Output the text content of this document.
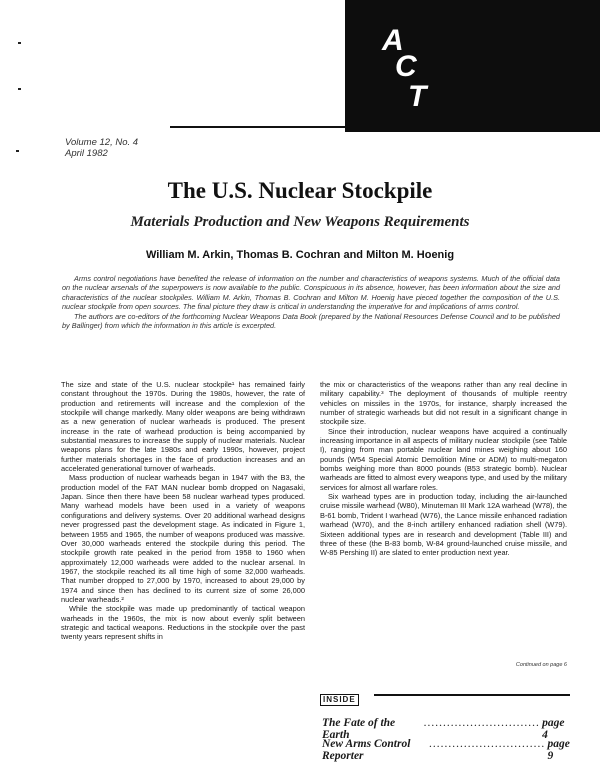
A
C
T
Volume 12, No. 4
April 1982
The U.S. Nuclear Stockpile
Materials Production and New Weapons Requirements
William M. Arkin, Thomas B. Cochran and Milton M. Hoenig

Arms control negotiations have benefited the release of information on the number and characteristics of weapons systems. Much of the official data on the nuclear arsenals of the superpowers is now available to the public. Conspicuous in its absence, however, has been information about the size and characteristics of the nuclear stockpiles. William M. Arkin, Thomas B. Cochran and Milton M. Hoenig have pieced together the composition of the U.S. nuclear stockpile from open sources. The final picture they draw is critical in understanding the imperative for and implications of arms control.

The authors are co-editors of the forthcoming Nuclear Weapons Data Book (prepared by the National Resources Defense Council and to be published by Ballinger) from which the information in this article is excerpted.

The size and state of the U.S. nuclear stockpile¹ has remained fairly constant throughout the 1970s. During the 1980s, however, the rate of production and retirements will increase and the complexion of the stockpile will change markedly. Many older weapons are being withdrawn as a new generation of nuclear warheads is produced. The present increase in the rate of warhead production is being accompanied by substantial measures to increase the supply of nuclear materials. Nuclear weapons plans for the late 1980s and early 1990s, however, project further materials shortages in the face of production increases and an accelerated generational turnover of warheads.

Mass production of nuclear warheads began in 1947 with the B3, the production model of the FAT MAN nuclear bomb dropped on Nagasaki, Japan. Since then there have been 58 nuclear warhead types produced. Many warhead models have been used in a variety of weapons configurations and delivery systems. Over 20 additional warhead designs never progressed past the development stage. As indicated in Figure 1, between 1955 and 1965, the number of weapons produced was massive. Over 30,000 warheads entered the stockpile during this period. The stockpile growth rate peaked in the period from 1958 to 1960 when approximately 12,000 warheads were added to the nuclear arsenal. In 1967, the stockpile reached its all time high of some 32,000 warheads. That number dropped to 27,000 by 1970, increased to about 29,000 by 1974 and since then has declined to its current size of some 26,000 nuclear warheads.²

While the stockpile was made up predominantly of tactical weapon warheads in the 1960s, the mix is now about evenly split between strategic and tactical weapons. Reductions in the stockpile over the past twenty years represent shifts in

the mix or characteristics of the weapons rather than any real decline in military capability.³ The deployment of thousands of multiple reentry vehicles on missiles in the 1970s, for instance, sharply increased the number of strategic warheads but did not result in a significant change in stockpile size.

Since their introduction, nuclear weapons have acquired a continually increasing importance in all aspects of military nuclear stockpile (see Table I), ranging from man portable nuclear land mines weighing about 160 pounds (W54 Special Atomic Demolition Mine or ADM) to multi-megaton bombs weighing more than 8000 pounds (B53 strategic bomb). Nuclear warheads are fitted to almost every weapons type, and used by the military services for almost all warfare roles.

Six warhead types are in production today, including the air-launched cruise missile warhead (W80), Minuteman III Mark 12A warhead (W78), the B-61 bomb, Trident I warhead (W76), the Lance missile enhanced radiation warhead (W70), and the 8-inch artillery enhanced radiation shell (W79). Sixteen additional types are in research and development (Table III) and three of these (the B-83 bomb, W-84 ground-launched cruise missile, and W-85 Pershing II) are slated to enter production next year.

Continued on page 6
INSIDE
The Fate of the Earth
.............................. page 4
New Arms Control Reporter
.............................. page 9
